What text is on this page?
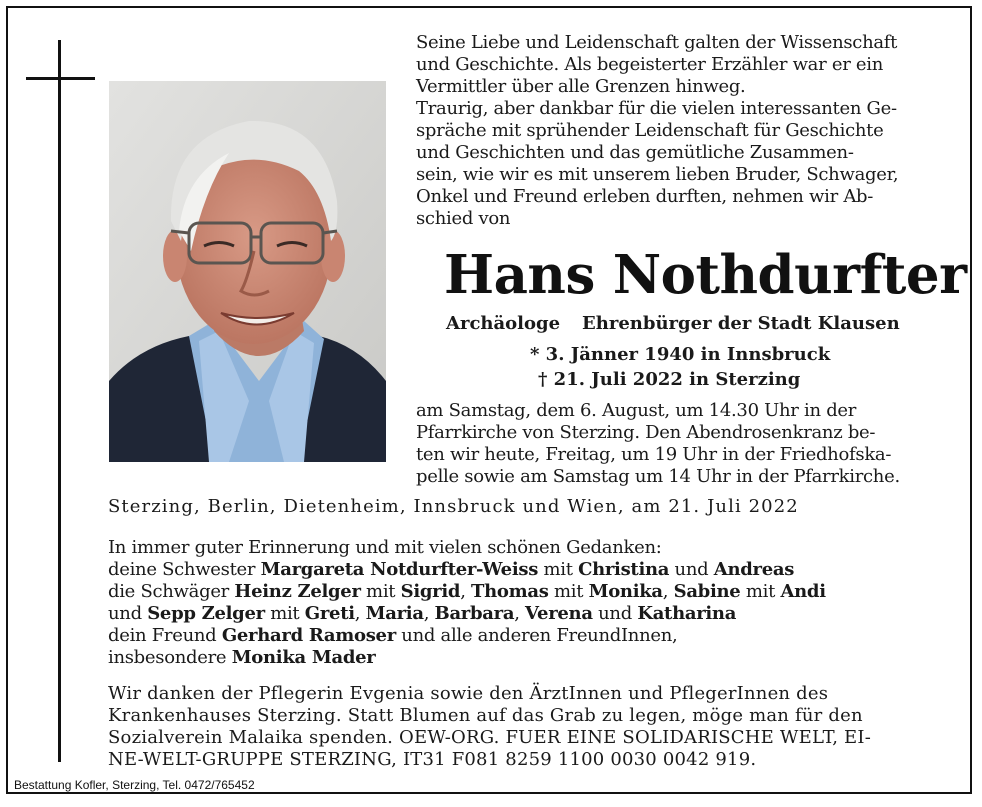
Seine Liebe und Leidenschaft galten der Wissenschaft
und Geschichte. Als begeisterter Erzähler war er ein
Vermittler über alle Grenzen hinweg.
Traurig, aber dankbar für die vielen interessanten Ge-
spräche mit sprühender Leidenschaft für Geschichte
und Geschichten und das gemütliche Zusammen-
sein, wie wir es mit unserem lieben Bruder, Schwager,
Onkel und Freund erleben durften, nehmen wir Ab-
schied von
Hans Nothdurfter
Archäologe Ehrenbürger der Stadt Klausen
* 3. Jänner 1940 in Innsbruck
† 21. Juli 2022 in Sterzing
am Samstag, dem 6. August, um 14.30 Uhr in der
Pfarrkirche von Sterzing. Den Abendrosenkranz be-
ten wir heute, Freitag, um 19 Uhr in der Friedhofska-
pelle sowie am Samstag um 14 Uhr in der Pfarrkirche.
Sterzing, Berlin, Dietenheim, Innsbruck und Wien, am 21. Juli 2022
In immer guter Erinnerung und mit vielen schönen Gedanken:
deine Schwester Margareta Notdurfter-Weiss mit Christina und Andreas
die Schwäger Heinz Zelger mit Sigrid, Thomas mit Monika, Sabine mit Andi
und Sepp Zelger mit Greti, Maria, Barbara, Verena und Katharina
dein Freund Gerhard Ramoser und alle anderen FreundInnen,
insbesondere Monika Mader
Wir danken der Pflegerin Evgenia sowie den ÄrztInnen und PflegerInnen des
Krankenhauses Sterzing. Statt Blumen auf das Grab zu legen, möge man für den
Sozialverein Malaika spenden. OEW-ORG. FUER EINE SOLIDARISCHE WELT, EI-
NE-WELT-GRUPPE STERZING, IT31 F081 8259 1100 0030 0042 919.
Bestattung Kofler, Sterzing, Tel. 0472/765452
